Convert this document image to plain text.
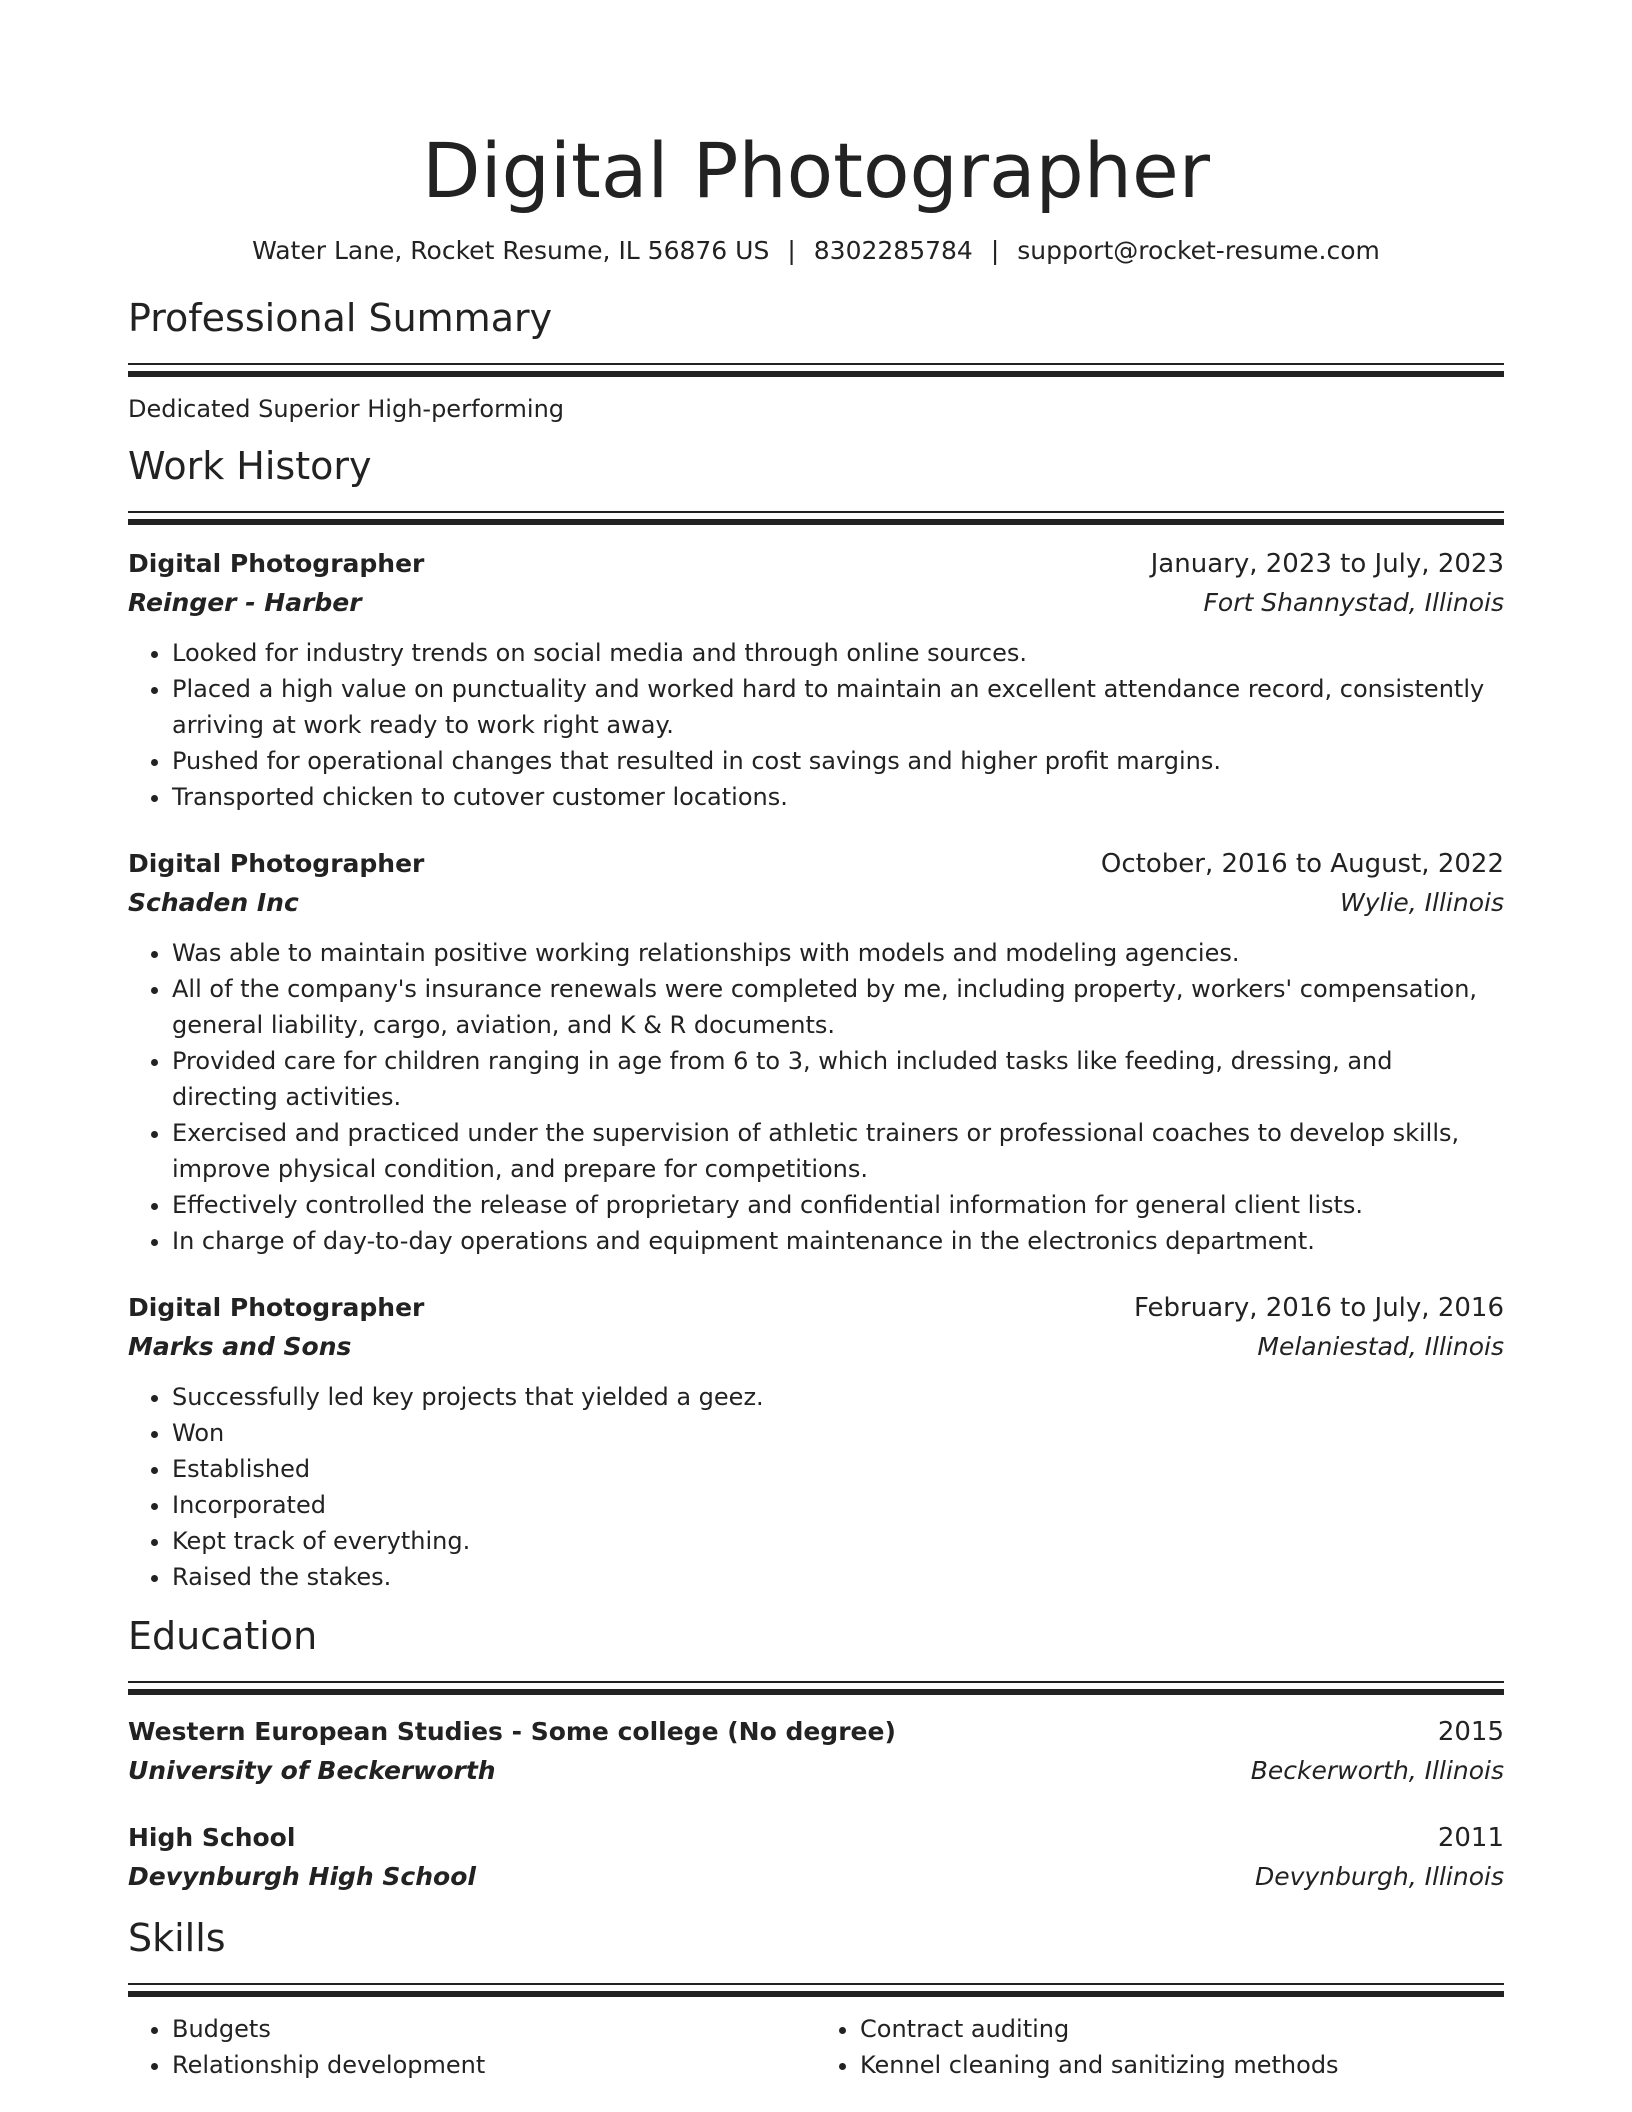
Digital Photographer
Water Lane, Rocket Resume, IL 56876 US | 8302285784 | support@rocket-resume.com
Professional Summary
Dedicated Superior High-performing
Work History
Digital Photographer	January, 2023 to July, 2023
Reinger - Harber	Fort Shannystad, Illinois
• Looked for industry trends on social media and through online sources.
• Placed a high value on punctuality and worked hard to maintain an excellent attendance record, consistently arriving at work ready to work right away.
• Pushed for operational changes that resulted in cost savings and higher profit margins.
• Transported chicken to cutover customer locations.
Digital Photographer	October, 2016 to August, 2022
Schaden Inc	Wylie, Illinois
• Was able to maintain positive working relationships with models and modeling agencies.
• All of the company's insurance renewals were completed by me, including property, workers' compensation, general liability, cargo, aviation, and K & R documents.
• Provided care for children ranging in age from 6 to 3, which included tasks like feeding, dressing, and directing activities.
• Exercised and practiced under the supervision of athletic trainers or professional coaches to develop skills, improve physical condition, and prepare for competitions.
• Effectively controlled the release of proprietary and confidential information for general client lists.
• In charge of day-to-day operations and equipment maintenance in the electronics department.
Digital Photographer	February, 2016 to July, 2016
Marks and Sons	Melaniestad, Illinois
• Successfully led key projects that yielded a geez.
• Won
• Established
• Incorporated
• Kept track of everything.
• Raised the stakes.
Education
Western European Studies - Some college (No degree)	2015
University of Beckerworth	Beckerworth, Illinois
High School	2011
Devynburgh High School	Devynburgh, Illinois
Skills
• Budgets
• Relationship development
• Contract auditing
• Kennel cleaning and sanitizing methods
